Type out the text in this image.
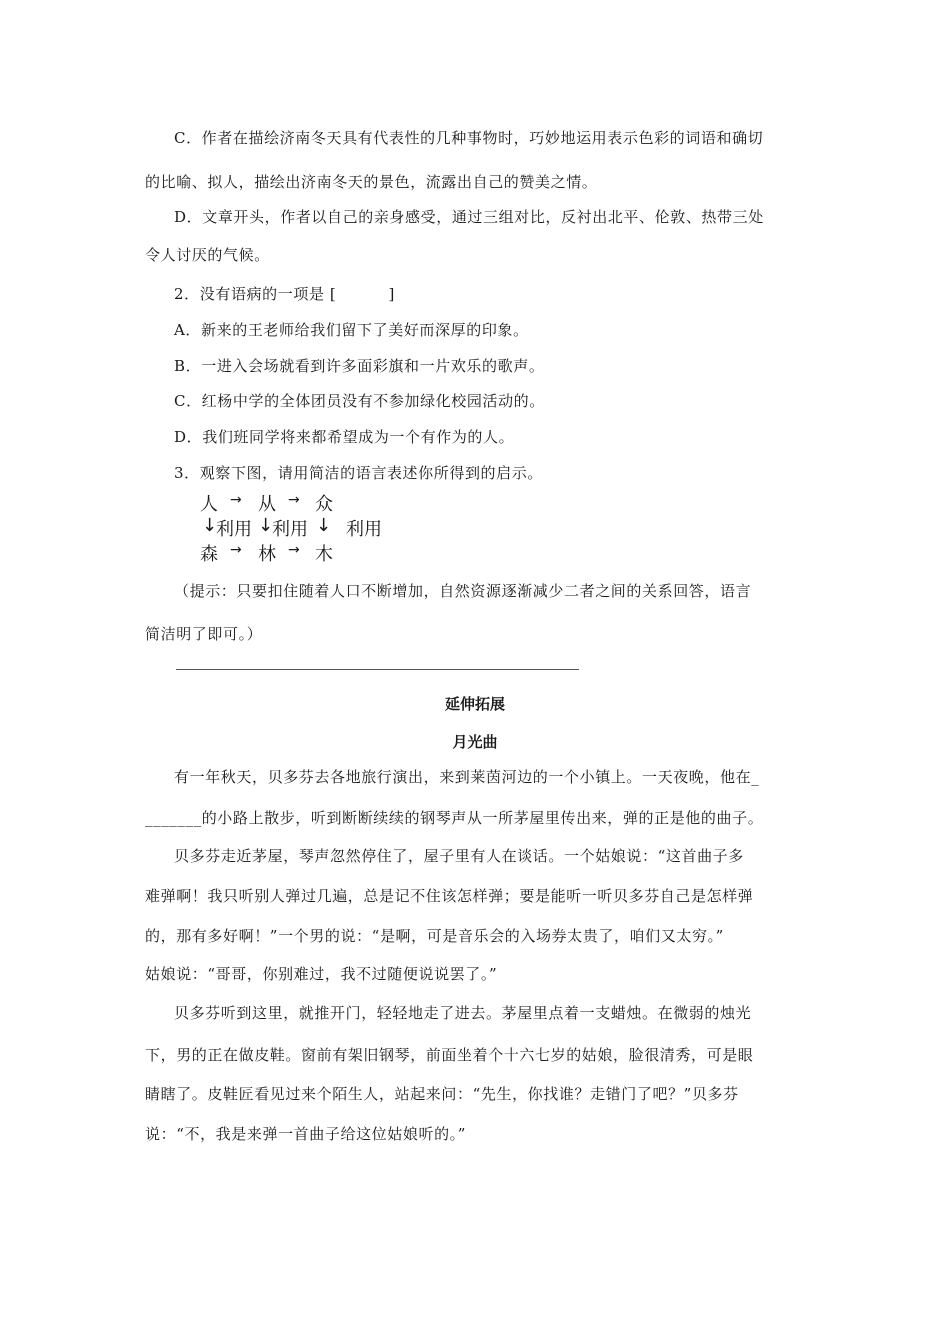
C．作者在描绘济南冬天具有代表性的几种事物时，巧妙地运用表示色彩的词语和确切
的比喻、拟人，描绘出济南冬天的景色，流露出自己的赞美之情。
D．文章开头，作者以自己的亲身感受，通过三组对比，反衬出北平、伦敦、热带三处
令人讨厌的气候。
2．没有语病的一项是 [　　　 ]
A．新来的王老师给我们留下了美好而深厚的印象。
B．一进入会场就看到许多面彩旗和一片欢乐的歌声。
C．红杨中学的全体团员没有不参加绿化校园活动的。
D．我们班同学将来都希望成为一个有作为的人。
3．观察下图，请用简洁的语言表述你所得到的启示。
人 → 从 → 众
↓
利用 ↓
利用 ↓ 利用
森 → 林 → 木
（提示：只要扣住随着人口不断增加，自然资源逐渐减少二者之间的关系回答，语言
简洁明了即可。）
延伸拓展
月光曲
有一年秋天，贝多芬去各地旅行演出，来到莱茵河边的一个小镇上。一天夜晚，他在_
_______的小路上散步，听到断断续续的钢琴声从一所茅屋里传出来，弹的正是他的曲子。
贝多芬走近茅屋，琴声忽然停住了，屋子里有人在谈话。一个姑娘说：“这首曲子多
难弹啊！我只听别人弹过几遍，总是记不住该怎样弹；要是能听一听贝多芬自己是怎样弹
的，那有多好啊！”一个男的说：“是啊，可是音乐会的入场券太贵了，咱们又太穷。”
姑娘说：“哥哥，你别难过，我不过随便说说罢了。”
贝多芬听到这里，就推开门，轻轻地走了进去。茅屋里点着一支蜡烛。在微弱的烛光
下，男的正在做皮鞋。窗前有架旧钢琴，前面坐着个十六七岁的姑娘，脸很清秀，可是眼
睛瞎了。皮鞋匠看见过来个陌生人，站起来问：“先生，你找谁？走错门了吧？”贝多芬
说：“不，我是来弹一首曲子给这位姑娘听的。”
